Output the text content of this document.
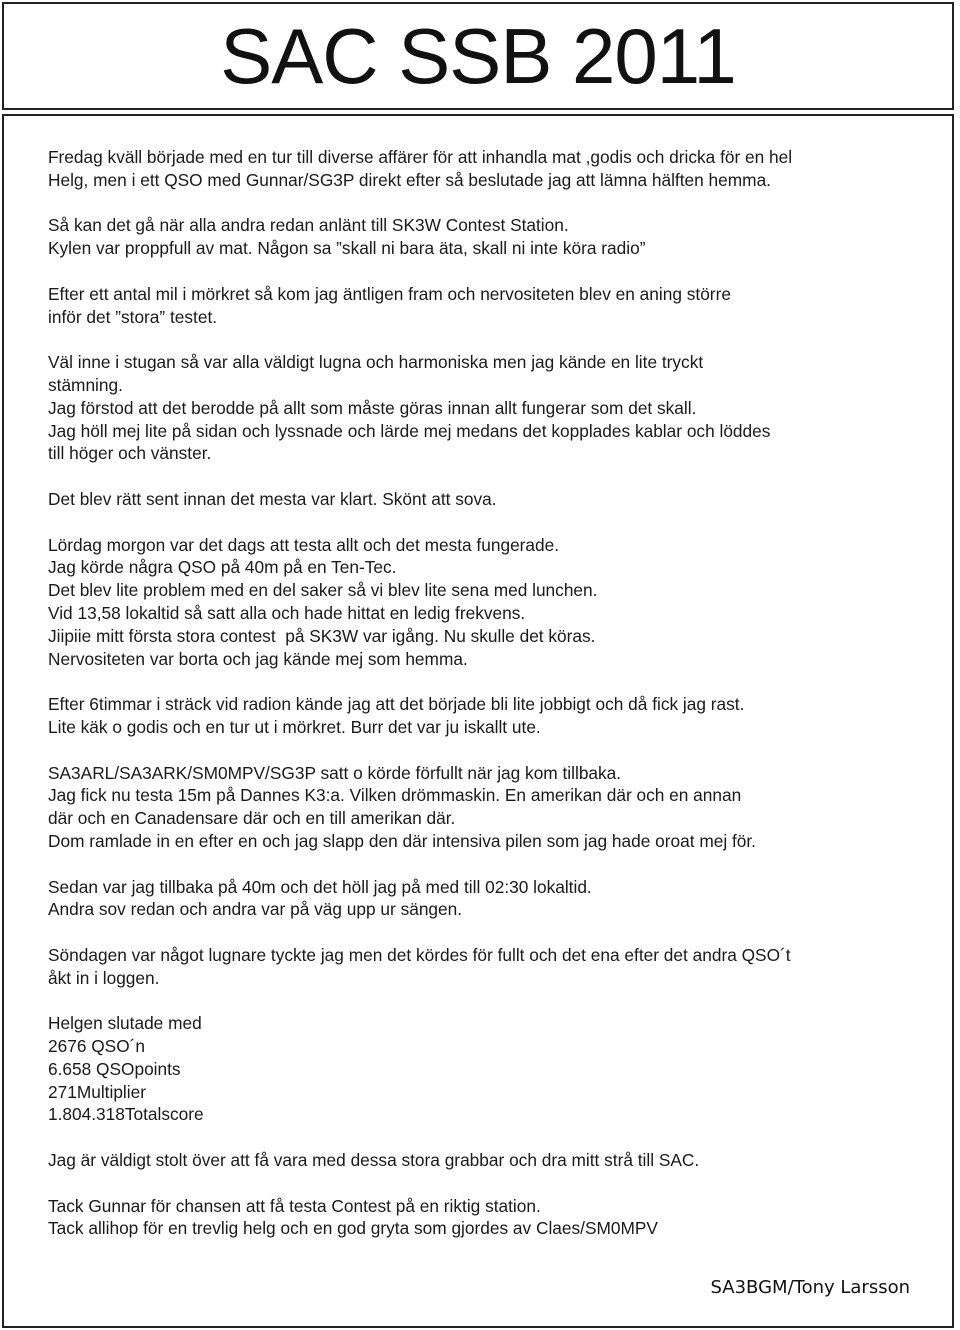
SAC SSB 2011
Fredag kväll började med en tur till diverse affärer för att inhandla mat ,godis och dricka för en hel
Helg, men i ett QSO med Gunnar/SG3P direkt efter så beslutade jag att lämna hälften hemma.
Så kan det gå när alla andra redan anlänt till SK3W Contest Station.
Kylen var proppfull av mat. Någon sa ”skall ni bara äta, skall ni inte köra radio”
Efter ett antal mil i mörkret så kom jag äntligen fram och nervositeten blev en aning större
inför det ”stora” testet.
Väl inne i stugan så var alla väldigt lugna och harmoniska men jag kände en lite tryckt
stämning.
Jag förstod att det berodde på allt som måste göras innan allt fungerar som det skall.
Jag höll mej lite på sidan och lyssnade och lärde mej medans det kopplades kablar och löddes
till höger och vänster.
Det blev rätt sent innan det mesta var klart. Skönt att sova.
Lördag morgon var det dags att testa allt och det mesta fungerade.
Jag körde några QSO på 40m på en Ten-Tec.
Det blev lite problem med en del saker så vi blev lite sena med lunchen.
Vid 13,58 lokaltid så satt alla och hade hittat en ledig frekvens.
Jiipiie mitt första stora contest  på SK3W var igång. Nu skulle det köras.
Nervositeten var borta och jag kände mej som hemma.
Efter 6timmar i sträck vid radion kände jag att det började bli lite jobbigt och då fick jag rast.
Lite käk o godis och en tur ut i mörkret. Burr det var ju iskallt ute.
SA3ARL/SA3ARK/SM0MPV/SG3P satt o körde förfullt när jag kom tillbaka.
Jag fick nu testa 15m på Dannes K3:a. Vilken drömmaskin. En amerikan där och en annan
där och en Canadensare där och en till amerikan där.
Dom ramlade in en efter en och jag slapp den där intensiva pilen som jag hade oroat mej för.
Sedan var jag tillbaka på 40m och det höll jag på med till 02:30 lokaltid.
Andra sov redan och andra var på väg upp ur sängen.
Söndagen var något lugnare tyckte jag men det kördes för fullt och det ena efter det andra QSO´t
åkt in i loggen.
Helgen slutade med
2676 QSO´n
6.658 QSOpoints
271Multiplier
1.804.318Totalscore
Jag är väldigt stolt över att få vara med dessa stora grabbar och dra mitt strå till SAC.
Tack Gunnar för chansen att få testa Contest på en riktig station.
Tack allihop för en trevlig helg och en god gryta som gjordes av Claes/SM0MPV
SA3BGM/Tony Larsson
